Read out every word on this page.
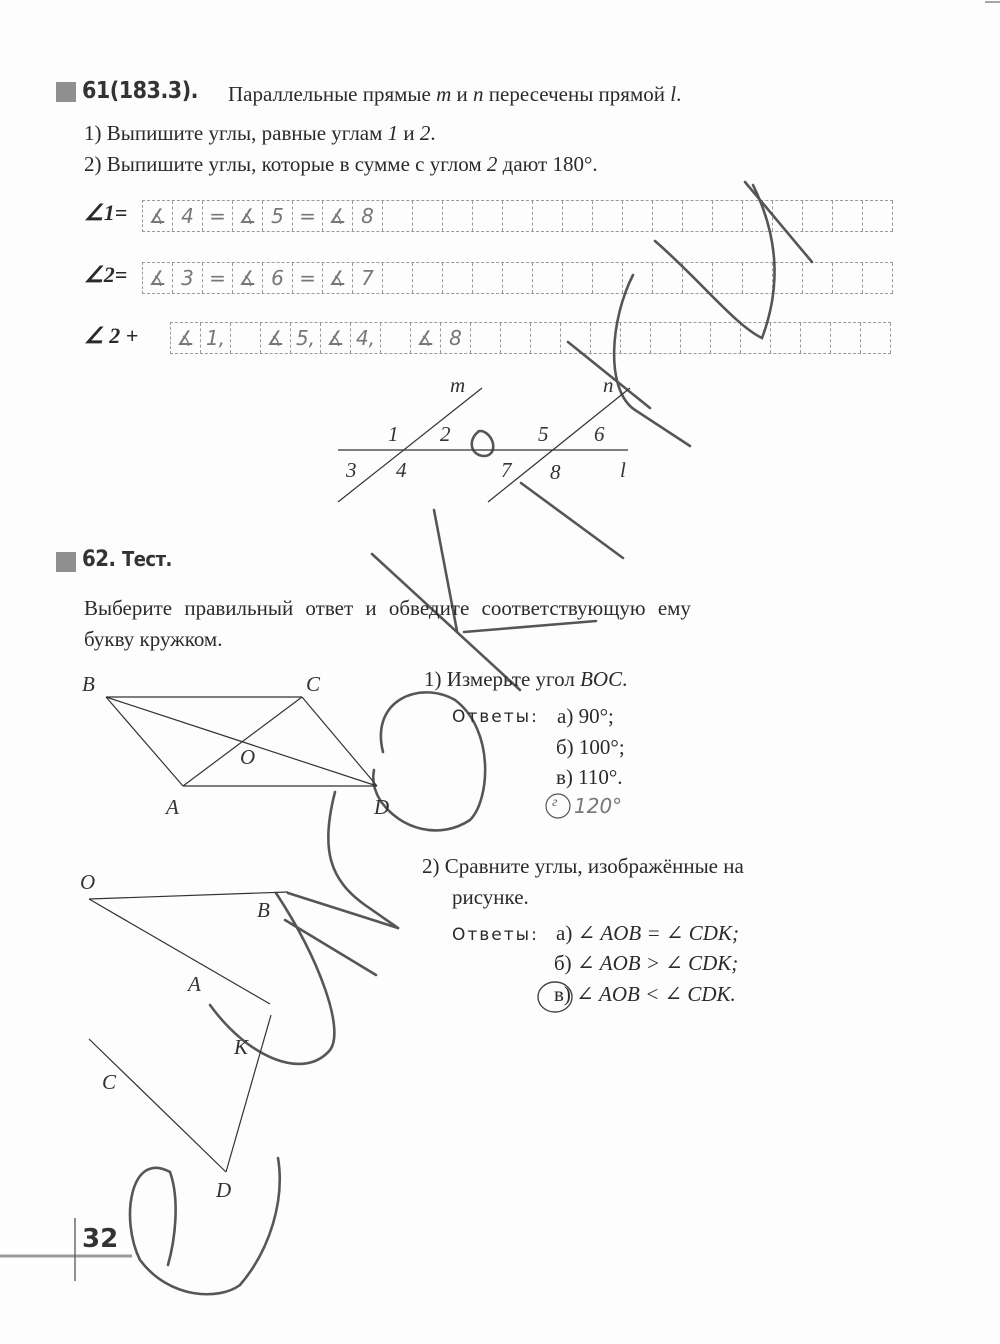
61(183.3). Параллельные прямые m и n пересечены прямой l.
1) Выпишите углы, равные углам 1 и 2.
2) Выпишите углы, которые в сумме с углом 2 дают 180°.
∠1= ∡ 4 = ∡ 5 = ∡ 8
∠2= ∡ 3 = ∡ 6 = ∡ 7
∠ 2 + ∡ 1, ∡ 5, ∡ 4, ∡ 8
m	n
l
1 2
3 4
5 6
7 8
62. Тест.
Выберите правильный ответ и обведите соответствующую ему
букву кружком.
B	C
O
A	D
O
B
A
K
C
D
1) Измерьте угол BOC.
Ответы: а) 90°;
б) 100°;
в) 110°.
г 120°
2) Сравните углы, изображённые на
рисунке.
Ответы: а) ∠ AOB = ∠ CDK;
б) ∠ AOB > ∠ CDK;
в) ∠ AOB < ∠ CDK.
32
